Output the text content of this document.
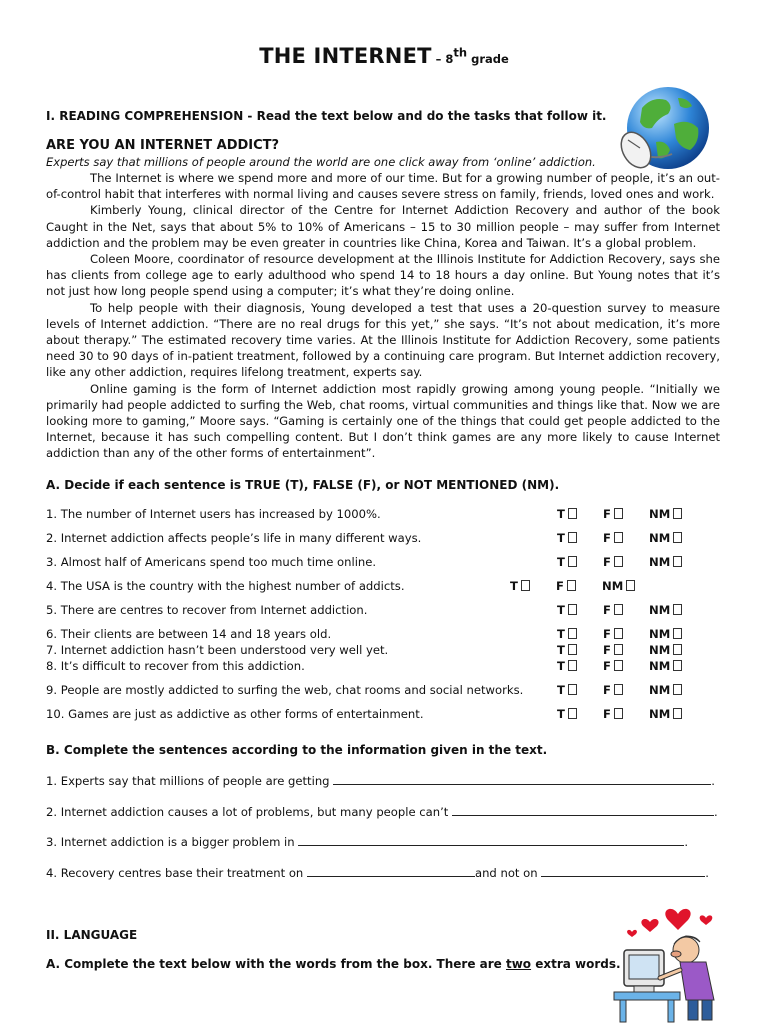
THE INTERNET – 8th grade
I. READING COMPREHENSION - Read the text below and do the tasks that follow it.
ARE YOU AN INTERNET ADDICT?
Experts say that millions of people around the world are one click away from ‘online’ addiction.

The Internet is where we spend more and more of our time. But for a growing number of people, it’s an out-of-control habit that interferes with normal living and causes severe stress on family, friends, loved ones and work.

Kimberly Young, clinical director of the Centre for Internet Addiction Recovery and author of the book Caught in the Net, says that about 5% to 10% of Americans – 15 to 30 million people – may suffer from Internet addiction and the problem may be even greater in countries like China, Korea and Taiwan. It’s a global problem.

Coleen Moore, coordinator of resource development at the Illinois Institute for Addiction Recovery, says she has clients from college age to early adulthood who spend 14 to 18 hours a day online. But Young notes that it’s not just how long people spend using a computer; it’s what they’re doing online.

To help people with their diagnosis, Young developed a test that uses a 20-question survey to measure levels of Internet addiction. “There are no real drugs for this yet,” she says. “It’s not about medication, it’s more about therapy.” The estimated recovery time varies. At the Illinois Institute for Addiction Recovery, some patients need 30 to 90 days of in-patient treatment, followed by a continuing care program. But Internet addiction recovery, like any other addiction, requires lifelong treatment, experts say.

Online gaming is the form of Internet addiction most rapidly growing among young people. “Initially we primarily had people addicted to surfing the Web, chat rooms, virtual communities and things like that. Now we are looking more to gaming,” Moore says. “Gaming is certainly one of the things that could get people addicted to the Internet, because it has such compelling content. But I don’t think games are any more likely to cause Internet addiction than any of the other forms of entertainment”.

A. Decide if each sentence is TRUE (T), FALSE (F), or NOT MENTIONED (NM).
1. The number of Internet users has increased by 1000%.	T	F	NM
2. Internet addiction affects people’s life in many different ways.	T	F	NM
3. Almost half of Americans spend too much time online.	T	F	NM
4. The USA is the country with the highest number of addicts.	T	F	NM
5. There are centres to recover from Internet addiction.	T	F	NM
6. Their clients are between 14 and 18 years old.	T	F	NM
7. Internet addiction hasn’t been understood very well yet.	T	F	NM
8. It’s difficult to recover from this addiction.	T	F	NM
9. People are mostly addicted to surfing the web, chat rooms and social networks.	T	F	NM
10. Games are just as addictive as other forms of entertainment.	T	F	NM
B. Complete the sentences according to the information given in the text.
1. Experts say that millions of people are getting	.
2. Internet addiction causes a lot of problems, but many people can’t	.
3. Internet addiction is a bigger problem in	.
4. Recovery centres base their treatment on	and not on	.
II. LANGUAGE
A. Complete the text below with the words from the box. There are two extra words.
